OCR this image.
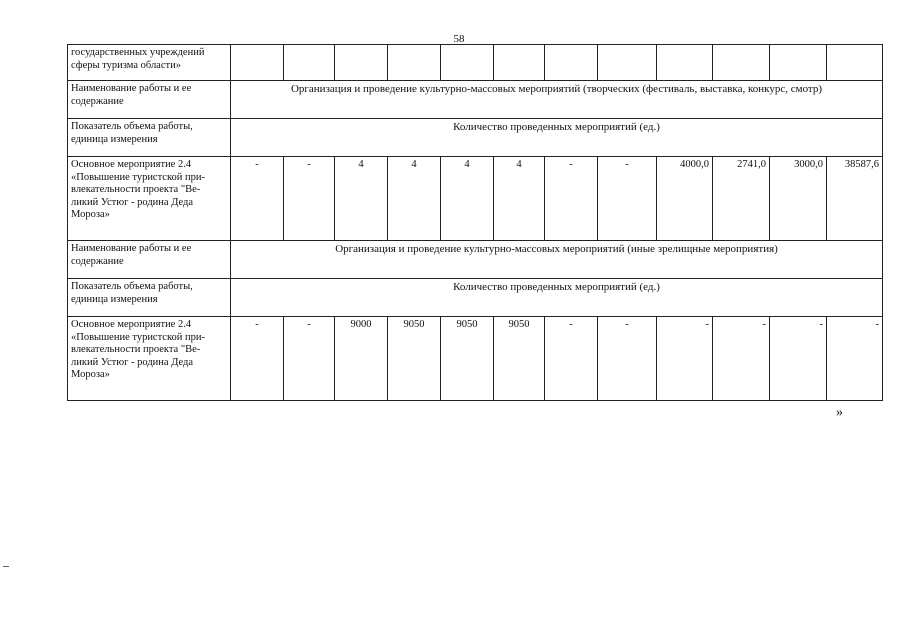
58
государственных учреждений сферы туризма области»												
Наименование работы и ее содержание	Организация и проведение культурно-массовых мероприятий (творческих (фестиваль, выставка, конкурс, смотр)											
Показатель объема работы, единица измерения	Количество проведенных мероприятий (ед.)											
Основное мероприятие 2.4 «Повышение туристской при-влекательности проекта "Ве-ликий Устюг - родина Деда Мороза»	-	-	4	4	4	4	-	-	4000,0	2741,0	3000,0	38587,6
Наименование работы и ее содержание	Организация и проведение культурно-массовых мероприятий (иные зрелищные мероприятия)											
Показатель объема работы, единица измерения	Количество проведенных мероприятий (ед.)											
Основное мероприятие 2.4 «Повышение туристской при-влекательности проекта "Ве-ликий Устюг - родина Деда Мороза»	-	-	9000	9050	9050	9050	-	-	-	-	-	-
»
